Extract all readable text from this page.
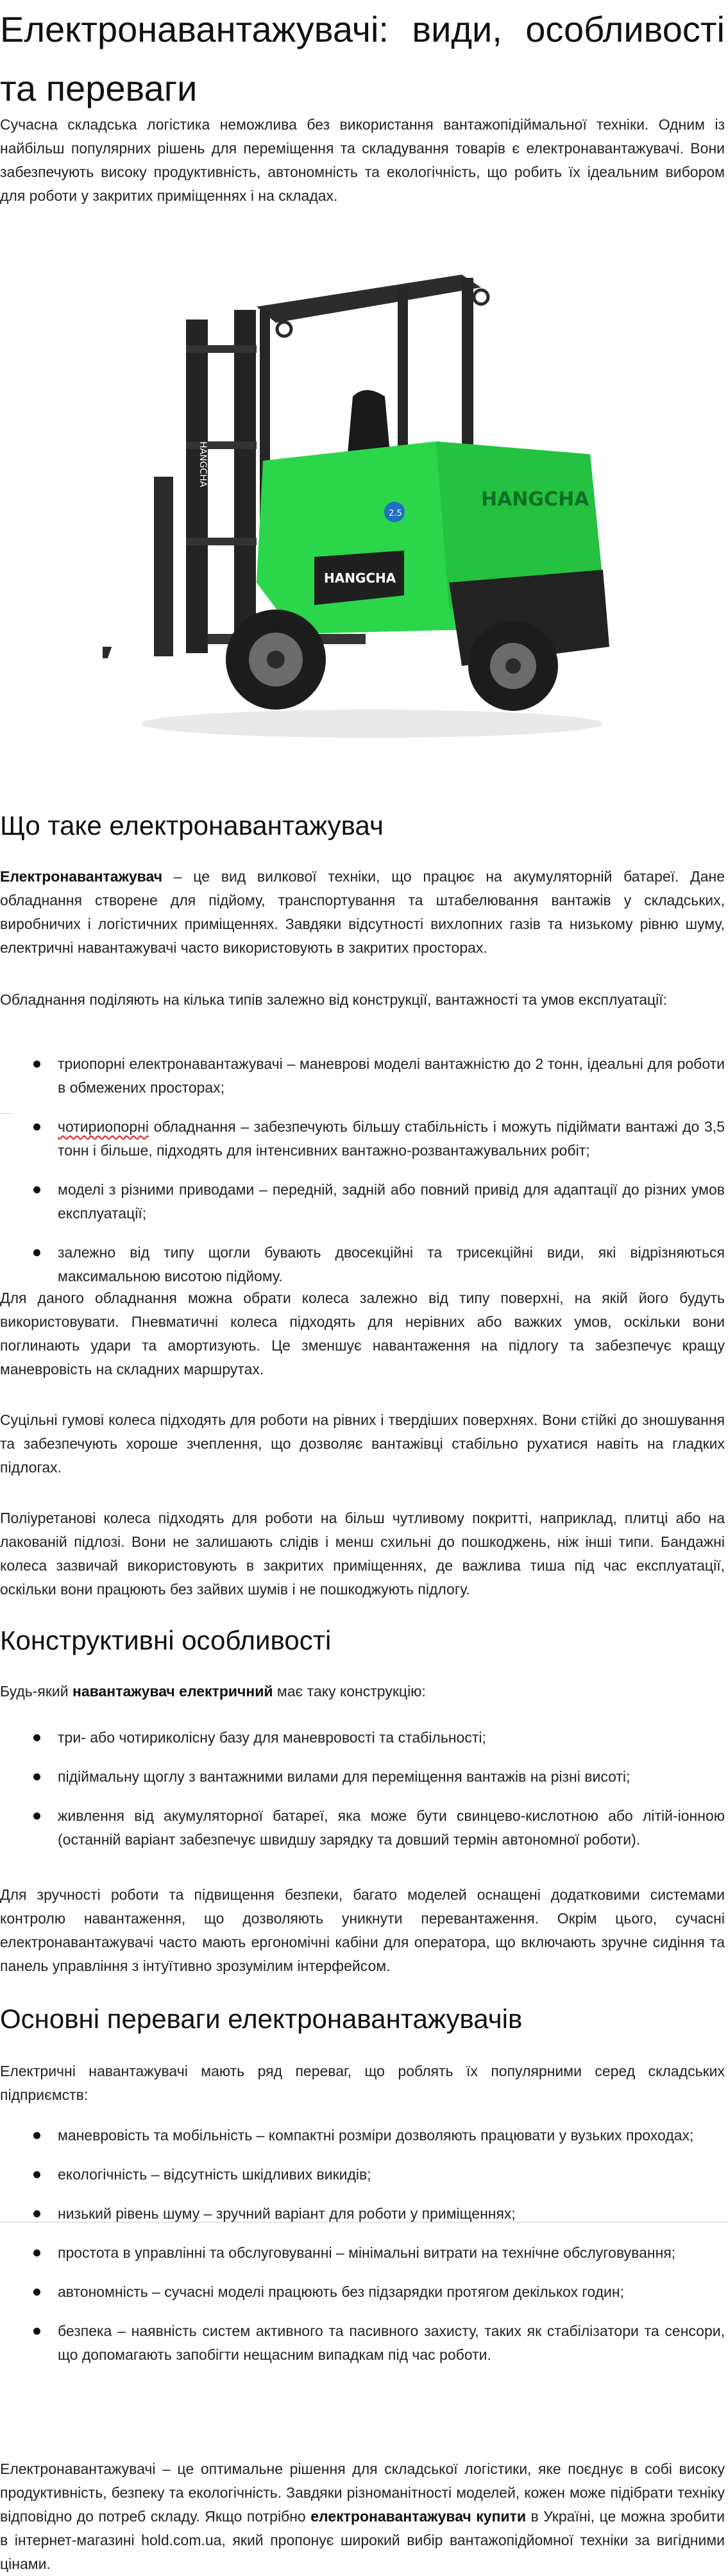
Електронавантажувачі: види, особливості та переваги

Сучасна складська логістика неможлива без використання вантажопідіймальної техніки. Одним із найбільш популярних рішень для переміщення та складування товарів є електронавантажувачі. Вони забезпечують високу продуктивність, автономність та екологічність, що робить їх ідеальним вибором для роботи у закритих приміщеннях і на складах.

HANGCHA
HANGCHA
HANGCHA
2.5
Що таке електронавантажувач

Електронавантажувач – це вид вилкової техніки, що працює на акумуляторній батареї. Дане обладнання створене для підйому, транспортування та штабелювання вантажів у складських, виробничих і логістичних приміщеннях. Завдяки відсутності вихлопних газів та низькому рівню шуму, електричні навантажувачі часто використовують в закритих просторах.

Обладнання поділяють на кілька типів залежно від конструкції, вантажності та умов експлуатації:

триопорні електронавантажувачі – маневрові моделі вантажністю до 2 тонн, ідеальні для роботи в обмежених просторах;
чотириопорні обладнання – забезпечують більшу стабільність і можуть підіймати вантажі до 3,5 тонн і більше, підходять для інтенсивних вантажно-розвантажувальних робіт;
моделі з різними приводами – передній, задній або повний привід для адаптації до різних умов експлуатації;
залежно від типу щогли бувають двосекційні та трисекційні види, які відрізняються максимальною висотою підйому.

Для даного обладнання можна обрати колеса залежно від типу поверхні, на якій його будуть використовувати. Пневматичні колеса підходять для нерівних або важких умов, оскільки вони поглинають удари та амортизують. Це зменшує навантаження на підлогу та забезпечує кращу маневровість на складних маршрутах.

Суцільні гумові колеса підходять для роботи на рівних і твердіших поверхнях. Вони стійкі до зношування та забезпечують хороше зчеплення, що дозволяє вантажівці стабільно рухатися навіть на гладких підлогах.

Поліуретанові колеса підходять для роботи на більш чутливому покритті, наприклад, плитці або на лакованій підлозі. Вони не залишають слідів і менш схильні до пошкоджень, ніж інші типи. Бандажні колеса зазвичай використовують в закритих приміщеннях, де важлива тиша під час експлуатації, оскільки вони працюють без зайвих шумів і не пошкоджують підлогу.

Конструктивні особливості

Будь-який навантажувач електричний має таку конструкцію:

три- або чотириколісну базу для маневровості та стабільності;
підіймальну щоглу з вантажними вилами для переміщення вантажів на різні висоті;
живлення від акумуляторної батареї, яка може бути свинцево-кислотною або літій-іонною (останній варіант забезпечує швидшу зарядку та довший термін автономної роботи).

Для зручності роботи та підвищення безпеки, багато моделей оснащені додатковими системами контролю навантаження, що дозволяють уникнути перевантаження. Окрім цього, сучасні електронавантажувачі часто мають ергономічні кабіни для оператора, що включають зручне сидіння та панель управління з інтуїтивно зрозумілим інтерфейсом.

Основні переваги електронавантажувачів

Електричні навантажувачі мають ряд переваг, що роблять їх популярними серед складських підприємств:

маневровість та мобільність – компактні розміри дозволяють працювати у вузьких проходах;
екологічність – відсутність шкідливих викидів;
низький рівень шуму – зручний варіант для роботи у приміщеннях;
простота в управлінні та обслуговуванні – мінімальні витрати на технічне обслуговування;
автономність – сучасні моделі працюють без підзарядки протягом декількох годин;
безпека – наявність систем активного та пасивного захисту, таких як стабілізатори та сенсори, що допомагають запобігти нещасним випадкам під час роботи.

Електронавантажувачі – це оптимальне рішення для складської логістики, яке поєднує в собі високу продуктивність, безпеку та екологічність. Завдяки різноманітності моделей, кожен може підібрати техніку відповідно до потреб складу. Якщо потрібно електронавантажувач купити в Україні, це можна зробити в інтернет-магазині hold.com.ua, який пропонує широкий вибір вантажопідйомної техніки за вигідними цінами.
